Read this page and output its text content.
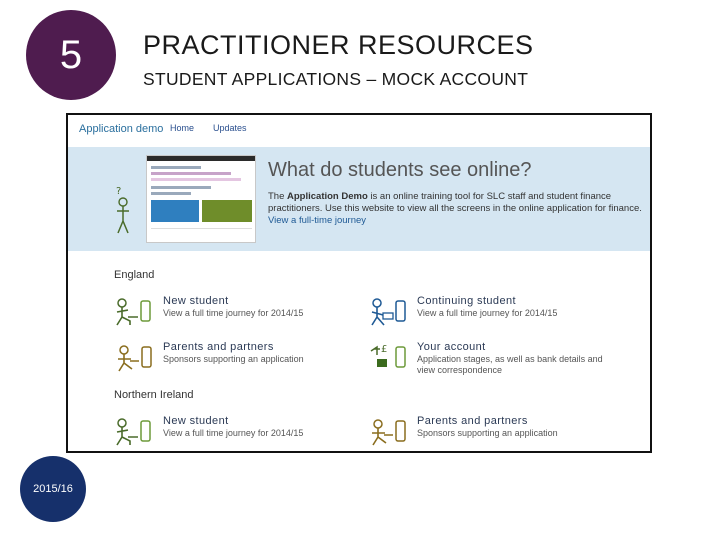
5 PRACTITIONER RESOURCES
STUDENT APPLICATIONS – MOCK ACCOUNT
Application demo Home Updates
?
What do students see online?
The Application Demo is an online training tool for SLC staff and student finance practitioners. Use this website to view all the screens in the online application for finance. View a full-time journey
England
New student
View a full time journey for 2014/15
Continuing student
View a full time journey for 2014/15
Parents and partners
Sponsors supporting an application
£	Your account
Application stages, as well as bank details and view correspondence
Northern Ireland
New student
View a full time journey for 2014/15
Parents and partners
Sponsors supporting an application
2015/16
